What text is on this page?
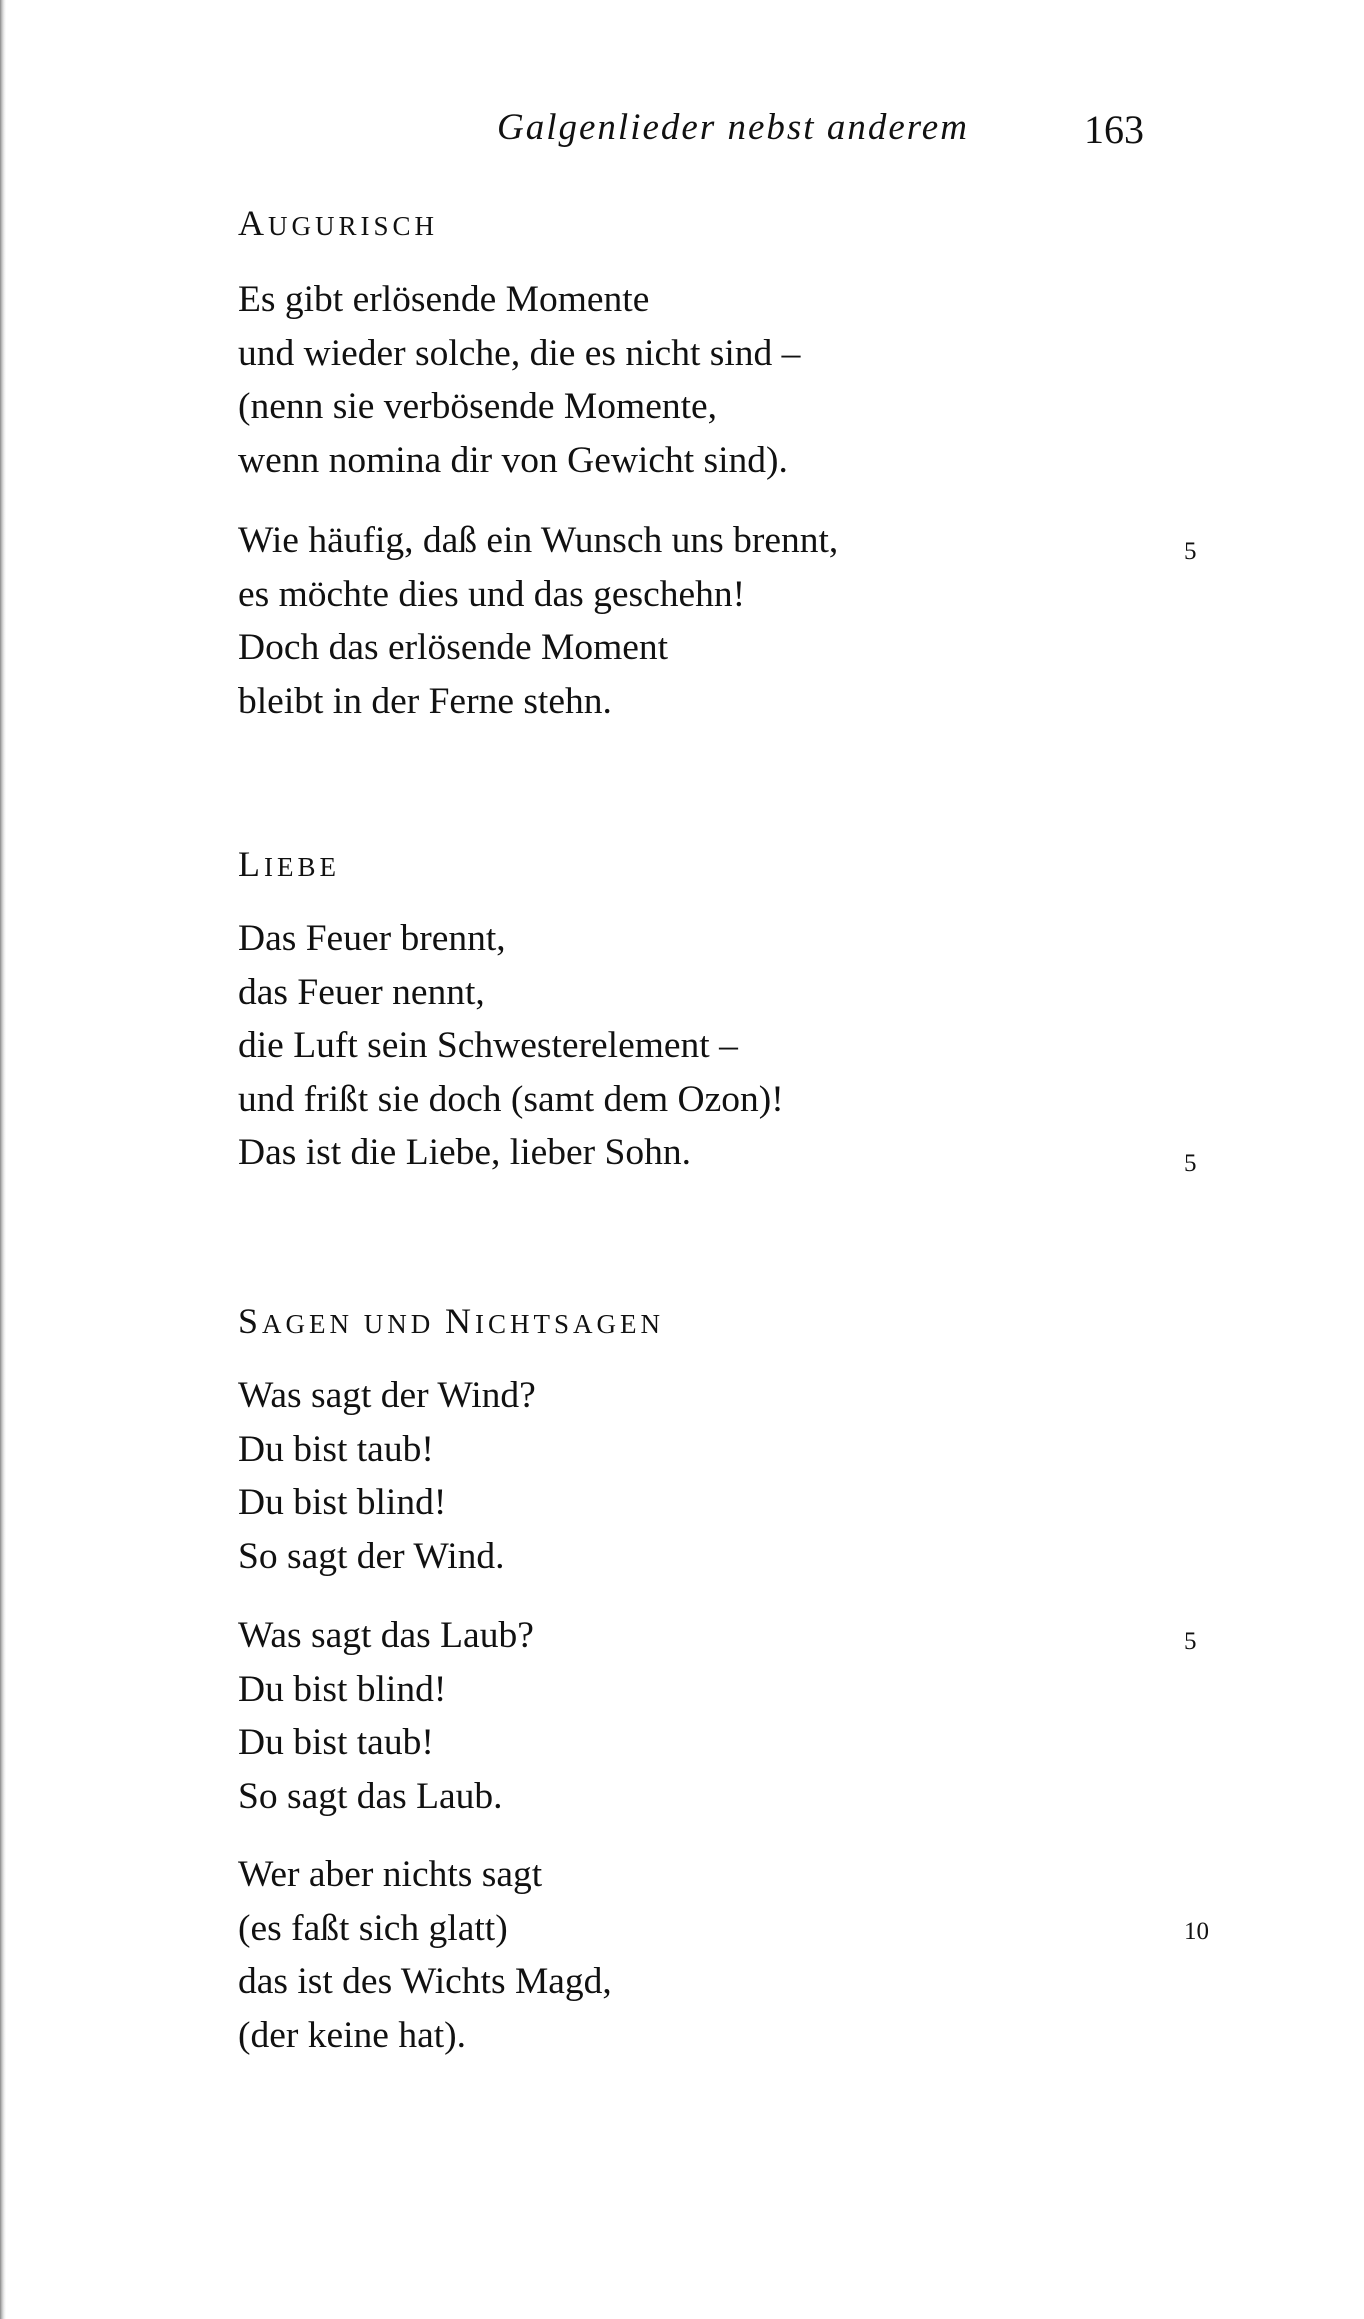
Galgenlieder nebst anderem	163
AUGURISCH
Es gibt erlösende Momente
und wieder solche, die es nicht sind –
(nenn sie verbösende Momente,
wenn nomina dir von Gewicht sind).
Wie häufig, daß ein Wunsch uns brennt,
es möchte dies und das geschehn!
Doch das erlösende Moment
bleibt in der Ferne stehn.
5
LIEBE
Das Feuer brennt,
das Feuer nennt,
die Luft sein Schwesterelement –
und frißt sie doch (samt dem Ozon)!
Das ist die Liebe, lieber Sohn.	5
SAGEN UND NICHTSAGEN
Was sagt der Wind?
Du bist taub!
Du bist blind!
So sagt der Wind.
Was sagt das Laub?
Du bist blind!
Du bist taub!
So sagt das Laub.
5
Wer aber nichts sagt
(es faßt sich glatt)
das ist des Wichts Magd,
(der keine hat).
10
